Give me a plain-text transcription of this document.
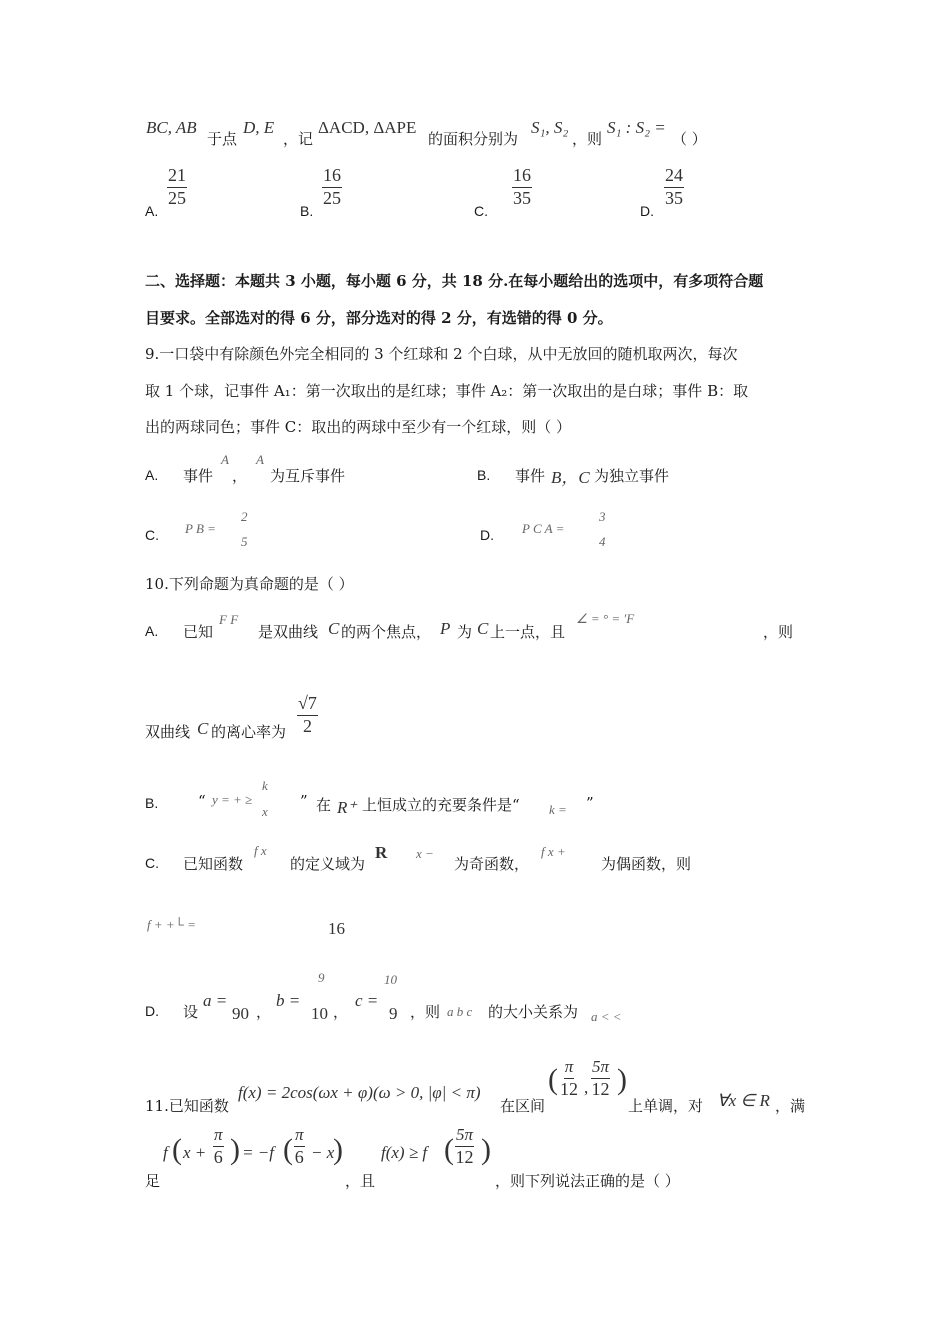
BC, AB
于点
D, E
，记
ΔACD, ΔAPE
的面积分别为
S₁, S₂
，则
S₁ : S₂ =
（ ）
A.
$\frac{21}{25}$
B.
$\frac{16}{25}$
C.
$\frac{16}{35}$
D.
$\frac{24}{35}$
二、选择题：本题共 3 小题，每小题 6 分，共 18 分.在每小题给出的选项中，有多项符合题
目要求。全部选对的得 6 分，部分选对的得 2 分，有选错的得 0 分。
9.一口袋中有除颜色外完全相同的 3 个红球和 2 个白球，从中无放回的随机取两次，每次
取 1 个球，记事件 A₁：第一次取出的是红球；事件 A₂：第一次取出的是白球；事件 B：取
出的两球同色；事件 C：取出的两球中至少有一个红球，则（ ）
A. 事件
A
，
A
为互斥事件	B. 事件 B，C 为独立事件
C. P B =
2
5	D. P C A =
3
4
10.下列命题为真命题的是（ ）
A. 已知
F F
是双曲线 C 的两个焦点， P 为 C 上一点，且
∠ = ° = ′F
，则
双曲线 C 的离心率为 $\frac{√7}{2}$
B.	“ y = + ≥
k
x
” 在 R⁺ 上恒成立的充要条件是“ k = ”
C. 已知函数
f x
的定义域为
R x −
为奇函数，
f x +
为偶函数，则
f + +└ =	16
D. 设
a =
90 ，
b =
9
10 ，
c =
10
9 ，则 a b c 的大小关系为 a < <
11.已知函数
f(x) = 2cos(ωx + φ)(ω > 0, |φ| < π)
在区间
( $\frac{\pi}{12}$ , $\frac{5\pi}{12}$ )
上单调，对 ∀x ∈ R ，满
足
f ( $x + \frac{\pi}{6}$ ) = −f ( $\frac{\pi}{6} - x$
)
，且
f(x) ≥ f ( $\frac{5\pi}{12}$ )
，则下列说法正确的是（ ）
